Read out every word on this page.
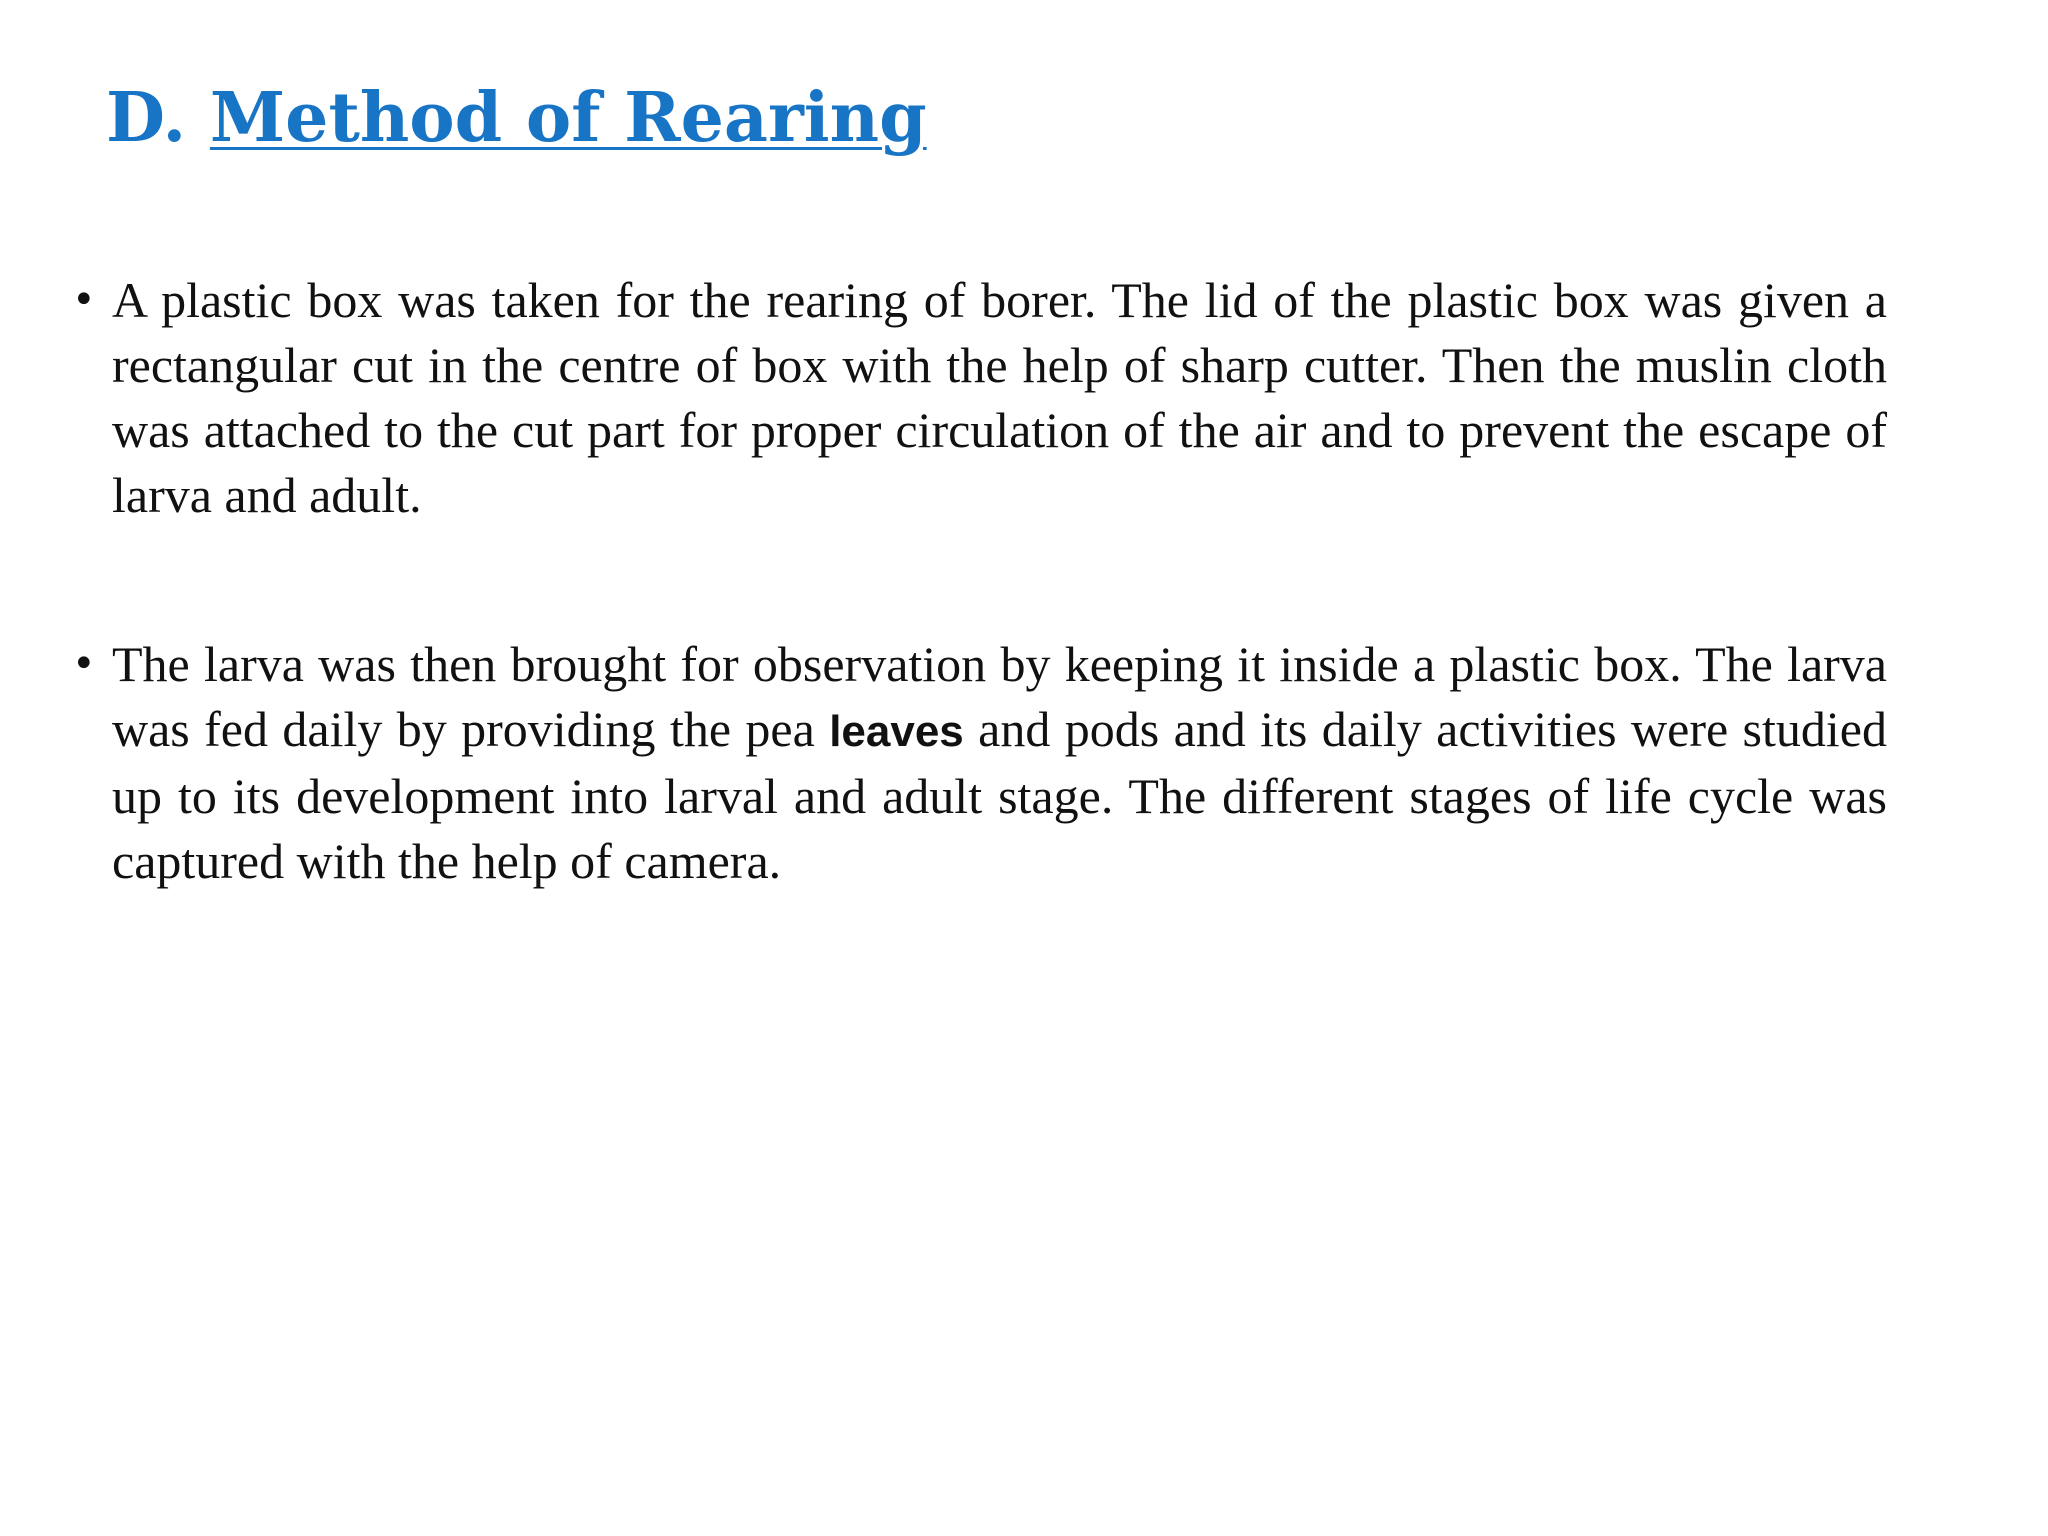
D. Method of Rearing
• A plastic box was taken for the rearing of borer. The lid of the plastic box was given a rectangular cut in the centre of box with the help of sharp cutter. Then the muslin cloth was attached to the cut part for proper circulation of the air and to prevent the escape of larva and adult.
• The larva was then brought for observation by keeping it inside a plastic box. The larva was fed daily by providing the pea leaves and pods and its daily activities were studied up to its development into larval and adult stage. The different stages of life cycle was captured with the help of camera.
